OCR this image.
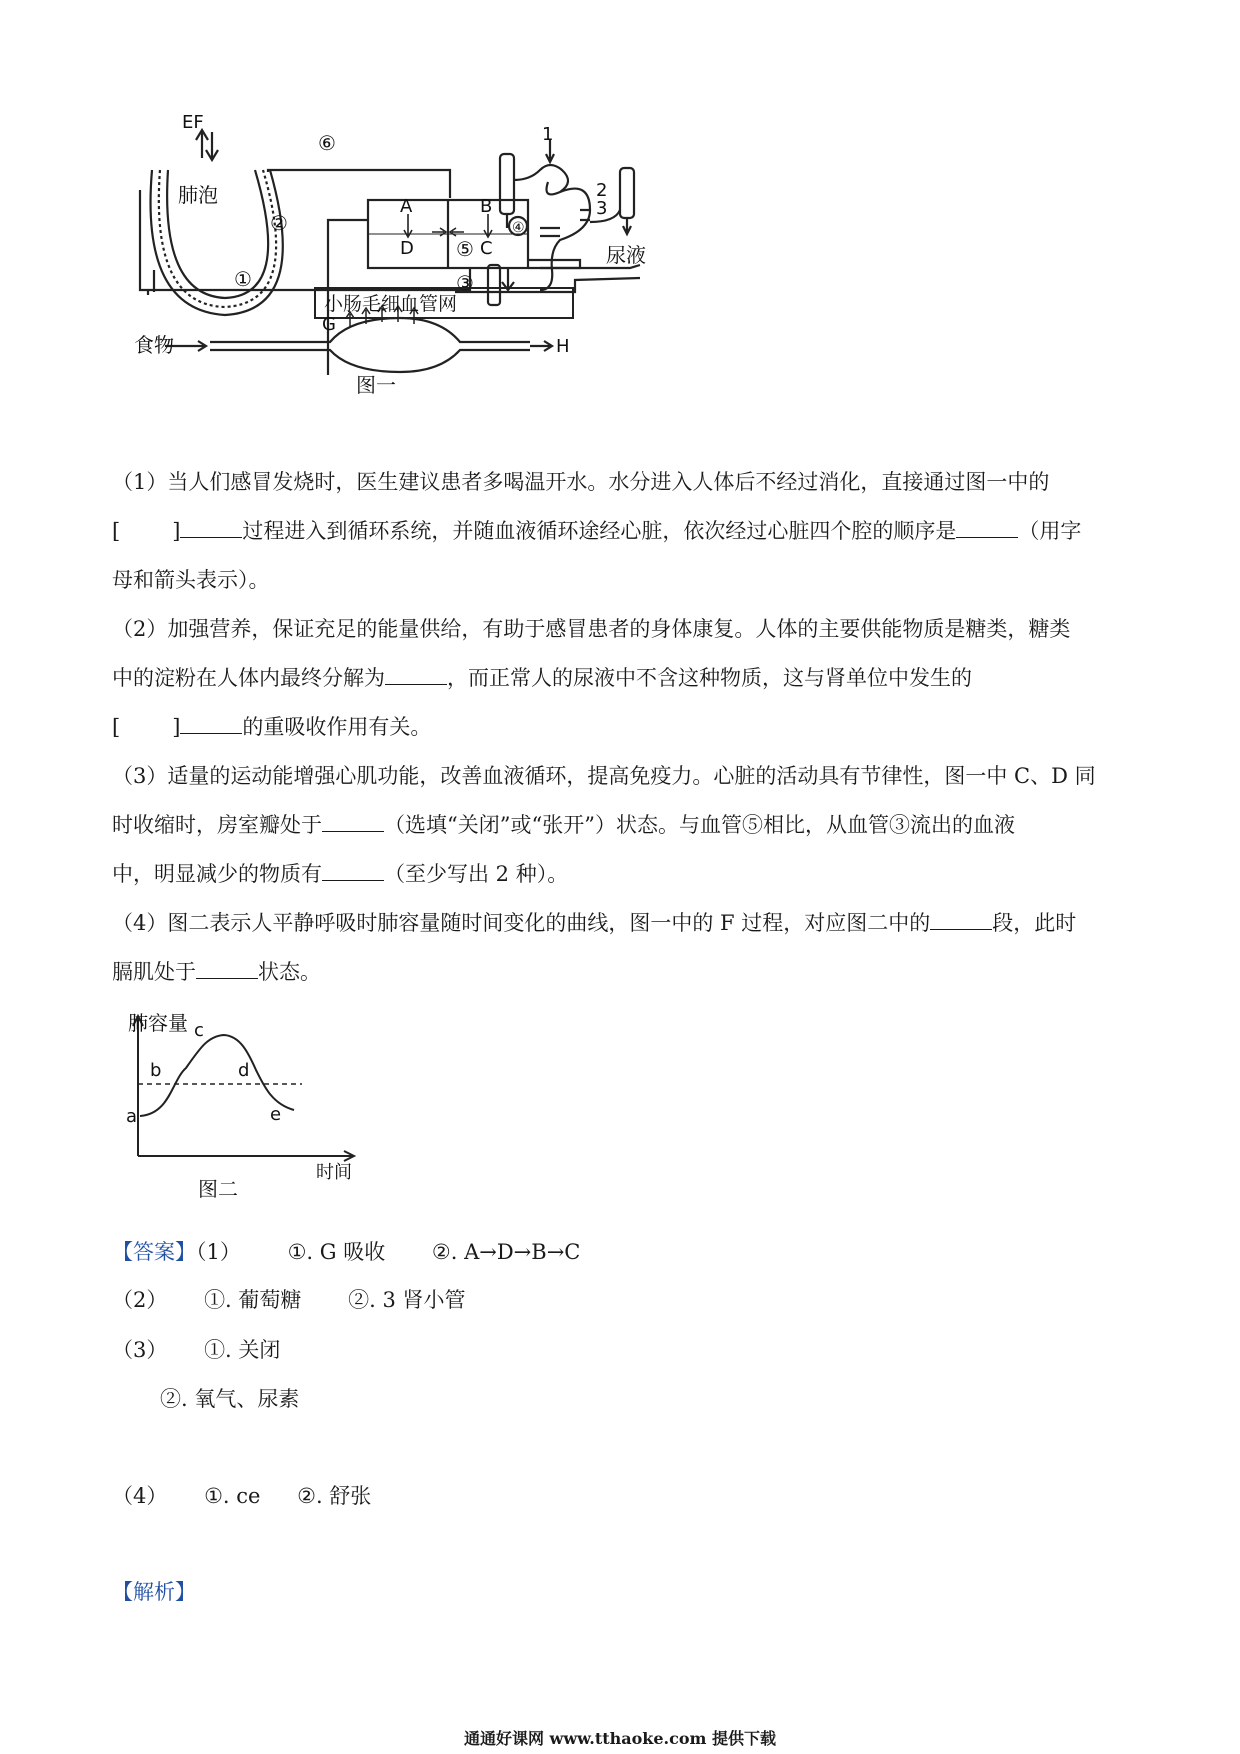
EF
肺泡	A	B
D	C
⑥
②
①
⑤
③
④
1
2
3
尿液
小肠毛细血管网
G
食物	H
图一

（1）当人们感冒发烧时，医生建议患者多喝温开水。水分进入人体后不经过消化，直接通过图一中的

[ ]	过程进入到循环系统，并随血液循环途经心脏，依次经过心脏四个腔的顺序是	（用字

母和箭头表示）。

（2）加强营养，保证充足的能量供给，有助于感冒患者的身体康复。人体的主要供能物质是糖类，糖类

中的淀粉在人体内最终分解为	，而正常人的尿液中不含这种物质，这与肾单位中发生的

[ ]	的重吸收作用有关。

（3）适量的运动能增强心肌功能，改善血液循环，提高免疫力。心脏的活动具有节律性，图一中 C、D 同

时收缩时，房室瓣处于	（选填“关闭”或“张开”）状态。与血管⑤相比，从血管③流出的血液

中，明显减少的物质有	（至少写出 2 种）。

（4）图二表示人平静呼吸时肺容量随时间变化的曲线，图一中的 F 过程，对应图二中的	段，此时

膈肌处于	状态。

肺容量
时间
a
b
c
d
e
图二
【答案】（1） ①. G 吸收 ②. A→D→B→C
（2） ①. 葡萄糖 ②. 3 肾小管
（3） ①. 关闭
②. 氧气、尿素
（4） ①. ce ②. 舒张
【解析】
通通好课网 www.tthaoke.com 提供下载
